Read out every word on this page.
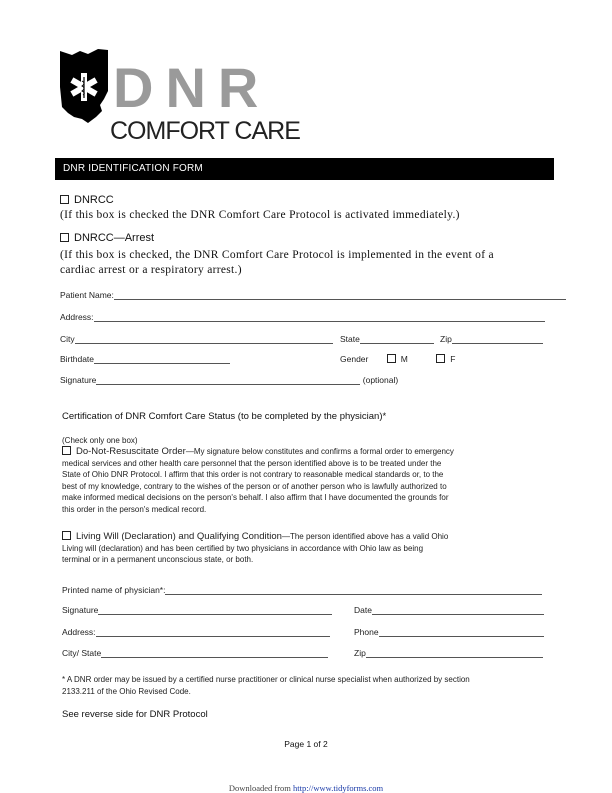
DNR
COMFORT CARE
DNR IDENTIFICATION FORM
DNRCC
(If this box is checked the DNR Comfort Care Protocol is activated immediately.)
DNRCC—Arrest
(If this box is checked, the DNR Comfort Care Protocol is implemented in the event of a
cardiac arrest or a respiratory arrest.)
Patient Name:
Address:
City	State	Zip
Birthdate	Gender	M	F
Signature	(optional)
Certification of DNR Comfort Care Status (to be completed by the physician)*
(Check only one box)
Do-Not-Resuscitate Order—My signature below constitutes and confirms a formal order to emergency
medical services and other health care personnel that the person identified above is to be treated under the
State of Ohio DNR Protocol. I affirm that this order is not contrary to reasonable medical standards or, to the
best of my knowledge, contrary to the wishes of the person or of another person who is lawfully authorized to
make informed medical decisions on the person's behalf. I also affirm that I have documented the grounds for
this order in the person's medical record.
Living Will (Declaration) and Qualifying Condition—The person identified above has a valid Ohio
Living will (declaration) and has been certified by two physicians in accordance with Ohio law as being
terminal or in a permanent unconscious state, or both.
Printed name of physician*:
Signature	Date
Address:	Phone
City/ State	Zip
* A DNR order may be issued by a certified nurse practitioner or clinical nurse specialist when authorized by section
2133.211 of the Ohio Revised Code.
See reverse side for DNR Protocol
Page 1 of 2
Downloaded from http://www.tidyforms.com
